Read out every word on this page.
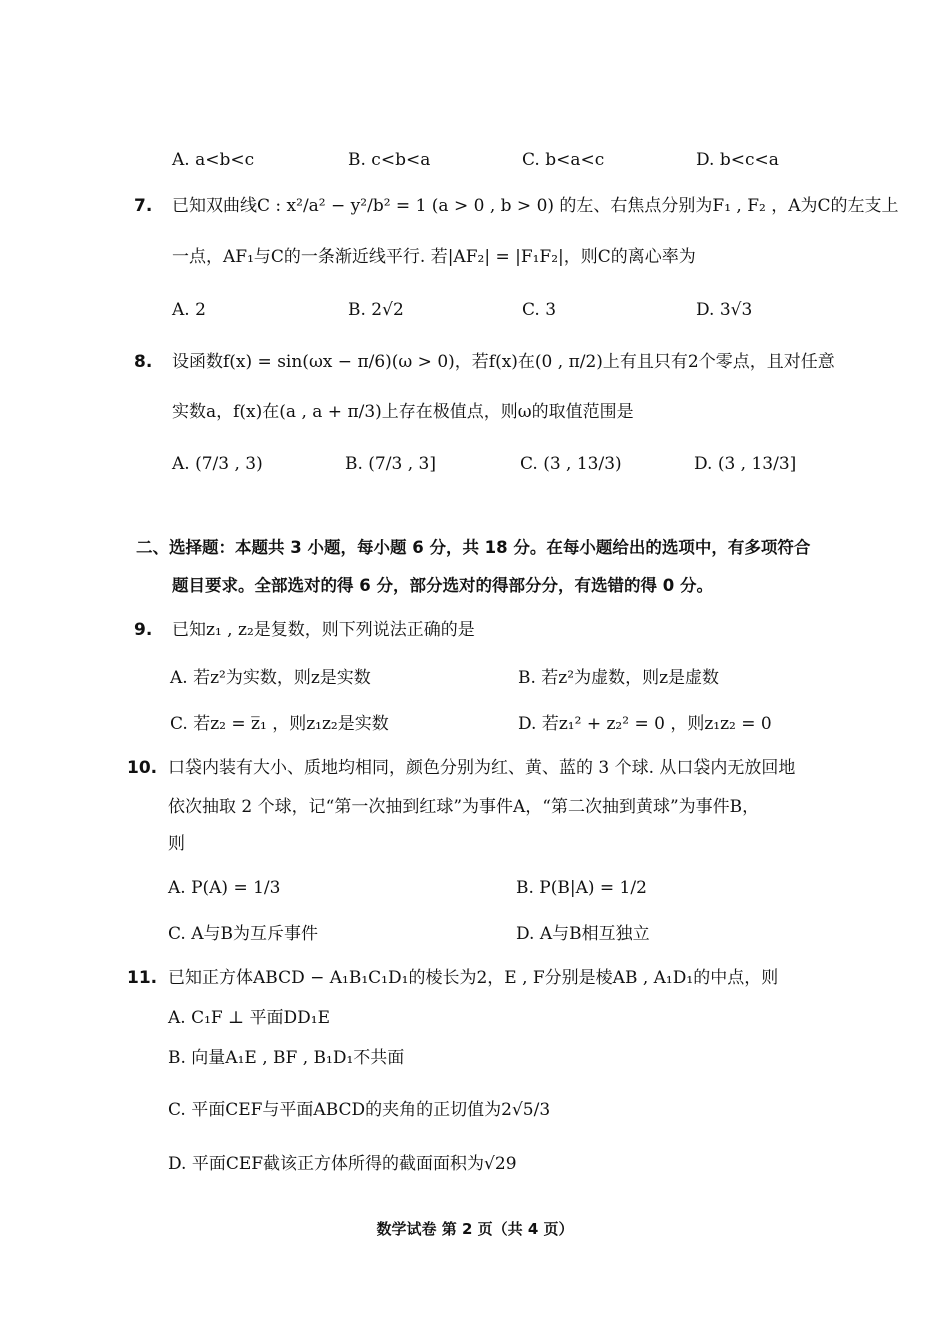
A. a<b<c	B. c<b<a	C. b<a<c	D. b<c<a
7. 已知双曲线C : x²/a² − y²/b² = 1 (a > 0 , b > 0) 的左、右焦点分别为F₁ , F₂ ，A为C的左支上
一点，AF₁与C的一条渐近线平行. 若|AF₂| = |F₁F₂|，则C的离心率为
A. 2	B. 2√2	C. 3	D. 3√3
8. 设函数f(x) = sin(ωx − π/6)(ω > 0)，若f(x)在(0 , π/2)上有且只有2个零点，且对任意
实数a，f(x)在(a , a + π/3)上存在极值点，则ω的取值范围是
A. (7/3 , 3)	B. (7/3 , 3]	C. (3 , 13/3)	D. (3 , 13/3]
二、选择题：本题共 3 小题，每小题 6 分，共 18 分。在每小题给出的选项中，有多项符合
题目要求。全部选对的得 6 分，部分选对的得部分分，有选错的得 0 分。
9. 已知z₁ , z₂是复数，则下列说法正确的是
A. 若z²为实数，则z是实数	B. 若z²为虚数，则z是虚数
C. 若z₂ = z̅₁ ，则z₁z₂是实数	D. 若z₁² + z₂² = 0 ，则z₁z₂ = 0
10. 口袋内装有大小、质地均相同，颜色分别为红、黄、蓝的 3 个球. 从口袋内无放回地
依次抽取 2 个球，记“第一次抽到红球”为事件A，“第二次抽到黄球”为事件B，
则
A. P(A) = 1/3	B. P(B|A) = 1/2
C. A与B为互斥事件	D. A与B相互独立
11. 已知正方体ABCD − A₁B₁C₁D₁的棱长为2，E , F分别是棱AB , A₁D₁的中点，则
A. C₁F ⊥ 平面DD₁E
B. 向量A₁E , BF , B₁D₁不共面
C. 平面CEF与平面ABCD的夹角的正切值为2√5/3
D. 平面CEF截该正方体所得的截面面积为√29
数学试卷 第 2 页（共 4 页）
